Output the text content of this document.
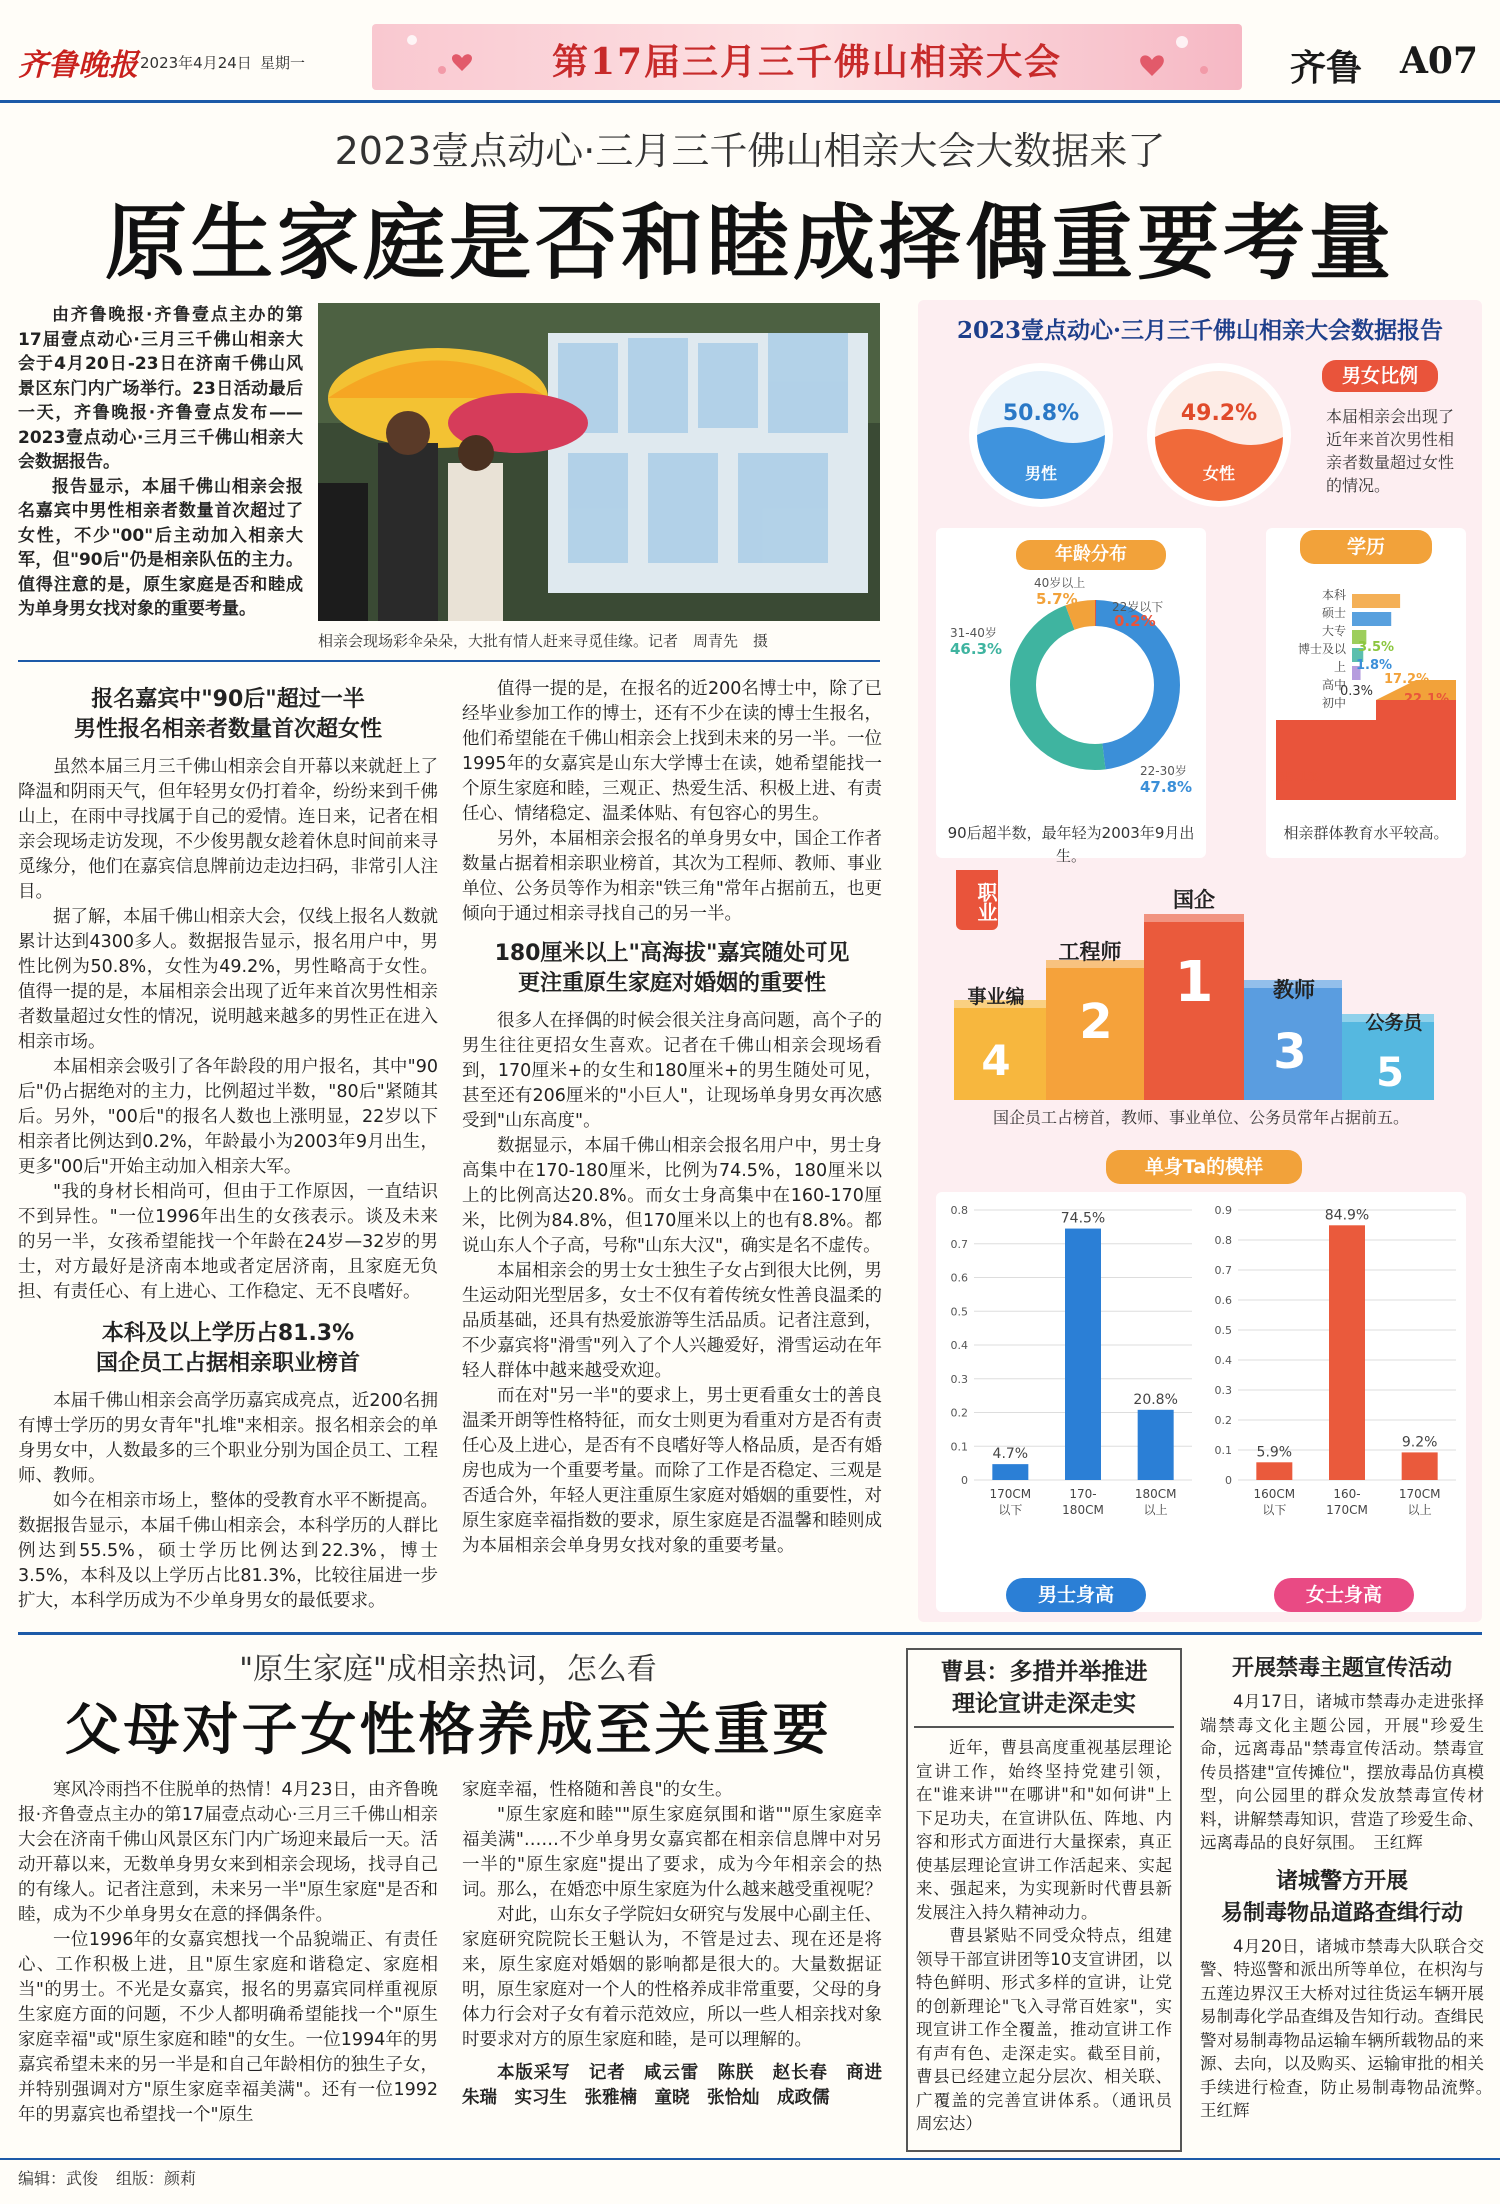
齐鲁晚报 2023年4月24日 星期一	第17届三月三千佛山相亲大会	齐鲁 A07
2023壹点动心·三月三千佛山相亲大会大数据来了
原生家庭是否和睦成择偶重要考量

由齐鲁晚报·齐鲁壹点主办的第17届壹点动心·三月三千佛山相亲大会于4月20日-23日在济南千佛山风景区东门内广场举行。23日活动最后一天，齐鲁晚报·齐鲁壹点发布——2023壹点动心·三月三千佛山相亲大会数据报告。

报告显示，本届千佛山相亲会报名嘉宾中男性相亲者数量首次超过了女性，不少"00"后主动加入相亲大军，但"90后"仍是相亲队伍的主力。值得注意的是，原生家庭是否和睦成为单身男女找对象的重要考量。

相亲会现场彩伞朵朵，大批有情人赶来寻觅佳缘。记者　周青先　摄
报名嘉宾中"90后"超过一半
男性报名相亲者数量首次超女性

虽然本届三月三千佛山相亲会自开幕以来就赶上了降温和阴雨天气，但年轻男女仍打着伞，纷纷来到千佛山上，在雨中寻找属于自己的爱情。连日来，记者在相亲会现场走访发现，不少俊男靓女趁着休息时间前来寻觅缘分，他们在嘉宾信息牌前边走边扫码，非常引人注目。

据了解，本届千佛山相亲大会，仅线上报名人数就累计达到4300多人。数据报告显示，报名用户中，男性比例为50.8%，女性为49.2%，男性略高于女性。值得一提的是，本届相亲会出现了近年来首次男性相亲者数量超过女性的情况，说明越来越多的男性正在进入相亲市场。

本届相亲会吸引了各年龄段的用户报名，其中"90后"仍占据绝对的主力，比例超过半数，"80后"紧随其后。另外，"00后"的报名人数也上涨明显，22岁以下相亲者比例达到0.2%，年龄最小为2003年9月出生，更多"00后"开始主动加入相亲大军。

"我的身材长相尚可，但由于工作原因，一直结识不到异性。"一位1996年出生的女孩表示。谈及未来的另一半，女孩希望能找一个年龄在24岁—32岁的男士，对方最好是济南本地或者定居济南，且家庭无负担、有责任心、有上进心、工作稳定、无不良嗜好。

本科及以上学历占81.3%
国企员工占据相亲职业榜首

本届千佛山相亲会高学历嘉宾成亮点，近200名拥有博士学历的男女青年"扎堆"来相亲。报名相亲会的单身男女中，人数最多的三个职业分别为国企员工、工程师、教师。

如今在相亲市场上，整体的受教育水平不断提高。数据报告显示，本届千佛山相亲会，本科学历的人群比例达到55.5%，硕士学历比例达到22.3%，博士3.5%，本科及以上学历占比81.3%，比较往届进一步扩大，本科学历成为不少单身男女的最低要求。

值得一提的是，在报名的近200名博士中，除了已经毕业参加工作的博士，还有不少在读的博士生报名，他们希望能在千佛山相亲会上找到未来的另一半。一位1995年的女嘉宾是山东大学博士在读，她希望能找一个原生家庭和睦，三观正、热爱生活、积极上进、有责任心、情绪稳定、温柔体贴、有包容心的男生。

另外，本届相亲会报名的单身男女中，国企工作者数量占据着相亲职业榜首，其次为工程师、教师、事业单位、公务员等作为相亲"铁三角"常年占据前五，也更倾向于通过相亲寻找自己的另一半。

180厘米以上"高海拔"嘉宾随处可见
更注重原生家庭对婚姻的重要性

很多人在择偶的时候会很关注身高问题，高个子的男生往往更招女生喜欢。记者在千佛山相亲会现场看到，170厘米+的女生和180厘米+的男生随处可见，甚至还有206厘米的"小巨人"，让现场单身男女再次感受到"山东高度"。

数据显示，本届千佛山相亲会报名用户中，男士身高集中在170-180厘米，比例为74.5%，180厘米以上的比例高达20.8%。而女士身高集中在160-170厘米，比例为84.8%，但170厘米以上的也有8.8%。都说山东人个子高，号称"山东大汉"，确实是名不虚传。

本届相亲会的男士女士独生子女占到很大比例，男生运动阳光型居多，女士不仅有着传统女性善良温柔的品质基础，还具有热爱旅游等生活品质。记者注意到，不少嘉宾将"滑雪"列入了个人兴趣爱好，滑雪运动在年轻人群体中越来越受欢迎。

而在对"另一半"的要求上，男士更看重女士的善良温柔开朗等性格特征，而女士则更为看重对方是否有责任心及上进心，是否有不良嗜好等人格品质，是否有婚房也成为一个重要考量。而除了工作是否稳定、三观是否适合外，年轻人更注重原生家庭对婚姻的重要性，对原生家庭幸福指数的要求，原生家庭是否温馨和睦则成为本届相亲会单身男女找对象的重要考量。

2023壹点动心·三月三千佛山相亲大会数据报告
50.8%
男性
49.2%
女性
男女比例
本届相亲会出现了近年来首次男性相亲者数量超过女性的情况。
年龄分布
40岁以上
5.7%	22岁以下
0.2%
31-40岁
46.3%
22-30岁
47.8%
90后超半数，最年轻为2003年9月出生。
学历
本科
硕士
大专
博士及以上
高中
初中
55.1%
22.1%
17.2%
3.5%
1.8%
0.3%
相亲群体教育水平较高。
职业	国企
1
工程师
2
教师
3
事业编
4
公务员
5
国企员工占榜首，教师、事业单位、公务员常年占据前五。
单身Ta的模样
0.8
0.7
0.6
0.5
0.4
0.3
0.2
0.1
0
4.7%
170CM
以下
74.5%
170-
180CM
20.8%
180CM
以上
0.9
0.8
0.7
0.6
0.5
0.4
0.3
0.2
0.1
0
5.9%
160CM
以下
84.9%
160-
170CM
9.2%
170CM
以上
男士身高	女士身高
"原生家庭"成相亲热词，怎么看
父母对子女性格养成至关重要

寒风冷雨挡不住脱单的热情！4月23日，由齐鲁晚报·齐鲁壹点主办的第17届壹点动心·三月三千佛山相亲大会在济南千佛山风景区东门内广场迎来最后一天。活动开幕以来，无数单身男女来到相亲会现场，找寻自己的有缘人。记者注意到，未来另一半"原生家庭"是否和睦，成为不少单身男女在意的择偶条件。

一位1996年的女嘉宾想找一个品貌端正、有责任心、工作积极上进，且"原生家庭和谐稳定、家庭相当"的男士。不光是女嘉宾，报名的男嘉宾同样重视原生家庭方面的问题，不少人都明确希望能找一个"原生家庭幸福"或"原生家庭和睦"的女生。一位1994年的男嘉宾希望未来的另一半是和自己年龄相仿的独生子女，并特别强调对方"原生家庭幸福美满"。还有一位1992年的男嘉宾也希望找一个"原生

家庭幸福，性格随和善良"的女生。

"原生家庭和睦""原生家庭氛围和谐""原生家庭幸福美满"……不少单身男女嘉宾都在相亲信息牌中对另一半的"原生家庭"提出了要求，成为今年相亲会的热词。那么，在婚恋中原生家庭为什么越来越受重视呢？

对此，山东女子学院妇女研究与发展中心副主任、家庭研究院院长王魁认为，不管是过去、现在还是将来，原生家庭对婚姻的影响都是很大的。大量数据证明，原生家庭对一个人的性格养成非常重要，父母的身体力行会对子女有着示范效应，所以一些人相亲找对象时要求对方的原生家庭和睦，是可以理解的。

本版采写　记者　咸云雷　陈朕　赵长春　商进　朱瑞　实习生　张雅楠　童晓　张恰灿　成政儒

曹县：多措并举推进
理论宣讲走深走实

近年，曹县高度重视基层理论宣讲工作，始终坚持党建引领，在"谁来讲""在哪讲"和"如何讲"上下足功夫，在宣讲队伍、阵地、内容和形式方面进行大量探索，真正使基层理论宣讲工作活起来、实起来、强起来，为实现新时代曹县新发展注入持久精神动力。

曹县紧贴不同受众特点，组建领导干部宣讲团等10支宣讲团，以特色鲜明、形式多样的宣讲，让党的创新理论"飞入寻常百姓家"，实现宣讲工作全覆盖，推动宣讲工作有声有色、走深走实。截至目前，曹县已经建立起分层次、相关联、广覆盖的完善宣讲体系。（通讯员　周宏达）

开展禁毒主题宣传活动

4月17日，诸城市禁毒办走进张择端禁毒文化主题公园，开展"珍爱生命，远离毒品"禁毒宣传活动。禁毒宣传员搭建"宣传摊位"，摆放毒品仿真模型，向公园里的群众发放禁毒宣传材料，讲解禁毒知识，营造了珍爱生命、远离毒品的良好氛围。　王红辉

诸城警方开展
易制毒物品道路查缉行动

4月20日，诸城市禁毒大队联合交警、特巡警和派出所等单位，在枳沟与五莲边界汉王大桥对过往货运车辆开展易制毒化学品查缉及告知行动。查缉民警对易制毒物品运输车辆所载物品的来源、去向，以及购买、运输审批的相关手续进行检查，防止易制毒物品流弊。　王红辉

编辑：武俊 组版：颜莉
